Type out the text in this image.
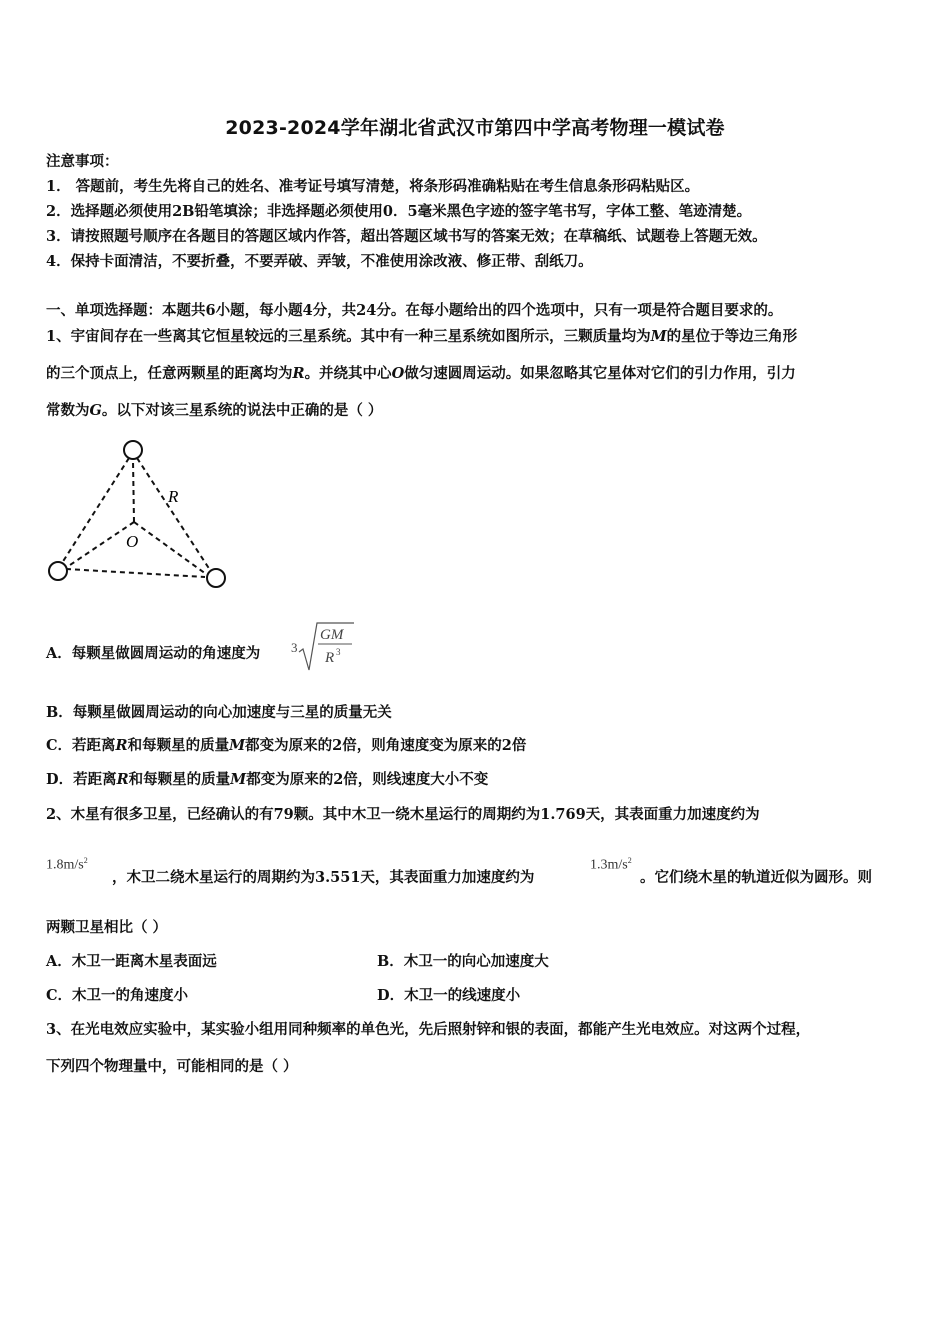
2023-2024学年湖北省武汉市第四中学高考物理一模试卷
注意事项：
1． 答题前，考生先将自己的姓名、准考证号填写清楚，将条形码准确粘贴在考生信息条形码粘贴区。
2．选择题必须使用2B铅笔填涂；非选择题必须使用0．5毫米黑色字迹的签字笔书写，字体工整、笔迹清楚。
3．请按照题号顺序在各题目的答题区域内作答，超出答题区域书写的答案无效；在草稿纸、试题卷上答题无效。
4．保持卡面清洁，不要折叠，不要弄破、弄皱，不准使用涂改液、修正带、刮纸刀。
一、单项选择题：本题共6小题，每小题4分，共24分。在每小题给出的四个选项中，只有一项是符合题目要求的。
1、宇宙间存在一些离其它恒星较远的三星系统。其中有一种三星系统如图所示，三颗质量均为M的星位于等边三角形
的三个顶点上，任意两颗星的距离均为R。并绕其中心O做匀速圆周运动。如果忽略其它星体对它们的引力作用，引力
常数为G。以下对该三星系统的说法中正确的是（ ）
R
O
A．每颗星做圆周运动的角速度为 3
GM
R 3
B．每颗星做圆周运动的向心加速度与三星的质量无关
C．若距离R和每颗星的质量M都变为原来的2倍，则角速度变为原来的2倍
D．若距离R和每颗星的质量M都变为原来的2倍，则线速度大小不变
2、木星有很多卫星，已经确认的有79颗。其中木卫一绕木星运行的周期约为1.769天，其表面重力加速度约为
$1.8m/s^2$
，木卫二绕木星运行的周期约为3.551天，其表面重力加速度约为
$1.3m/s^2$
。它们绕木星的轨道近似为圆形。则
两颗卫星相比（ ）
A．木卫一距离木星表面远	B．木卫一的向心加速度大
C．木卫一的角速度小	D．木卫一的线速度小
3、在光电效应实验中，某实验小组用同种频率的单色光，先后照射锌和银的表面，都能产生光电效应。对这两个过程，
下列四个物理量中，可能相同的是（ ）
